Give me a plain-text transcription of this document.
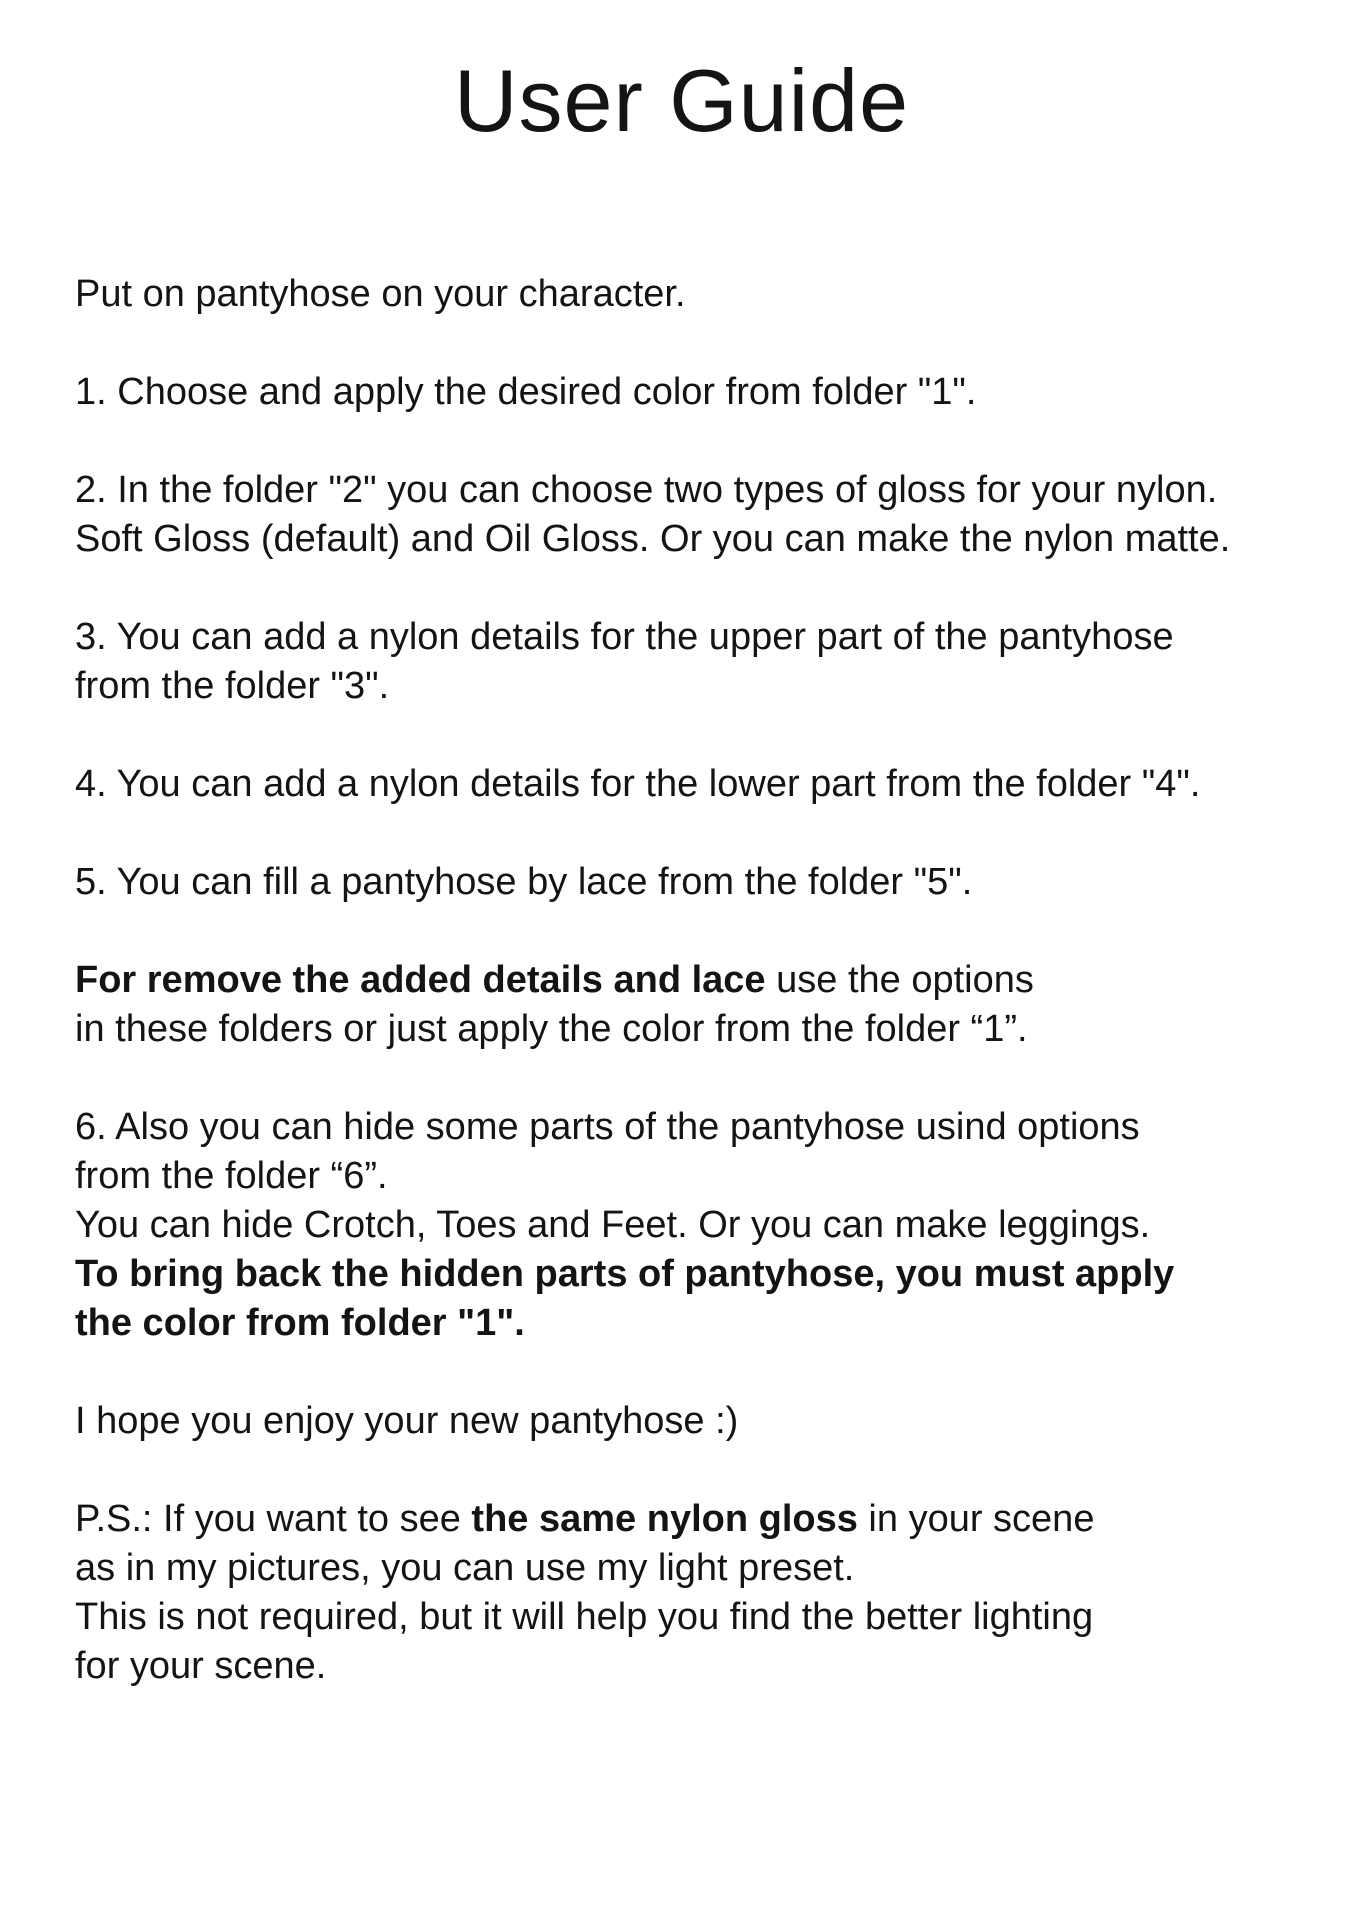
User Guide
Put on pantyhose on your character.
1. Choose and apply the desired color from folder "1".
2. In the folder "2" you can choose two types of gloss for your nylon.
Soft Gloss (default) and Oil Gloss. Or you can make the nylon matte.
3. You can add a nylon details for the upper part of the pantyhose
from the folder "3".
4. You can add a nylon details for the lower part from the folder "4".
5. You can fill a pantyhose by lace from the folder "5".
For remove the added details and lace use the options
in these folders or just apply the color from the folder “1”.
6. Also you can hide some parts of the pantyhose usind options
from the folder “6”.
You can hide Crotch, Toes and Feet. Or you can make leggings.
To bring back the hidden parts of pantyhose, you must apply
the color from folder "1".
I hope you enjoy your new pantyhose :)
P.S.: If you want to see the same nylon gloss in your scene
as in my pictures, you can use my light preset.
This is not required, but it will help you find the better lighting
for your scene.
